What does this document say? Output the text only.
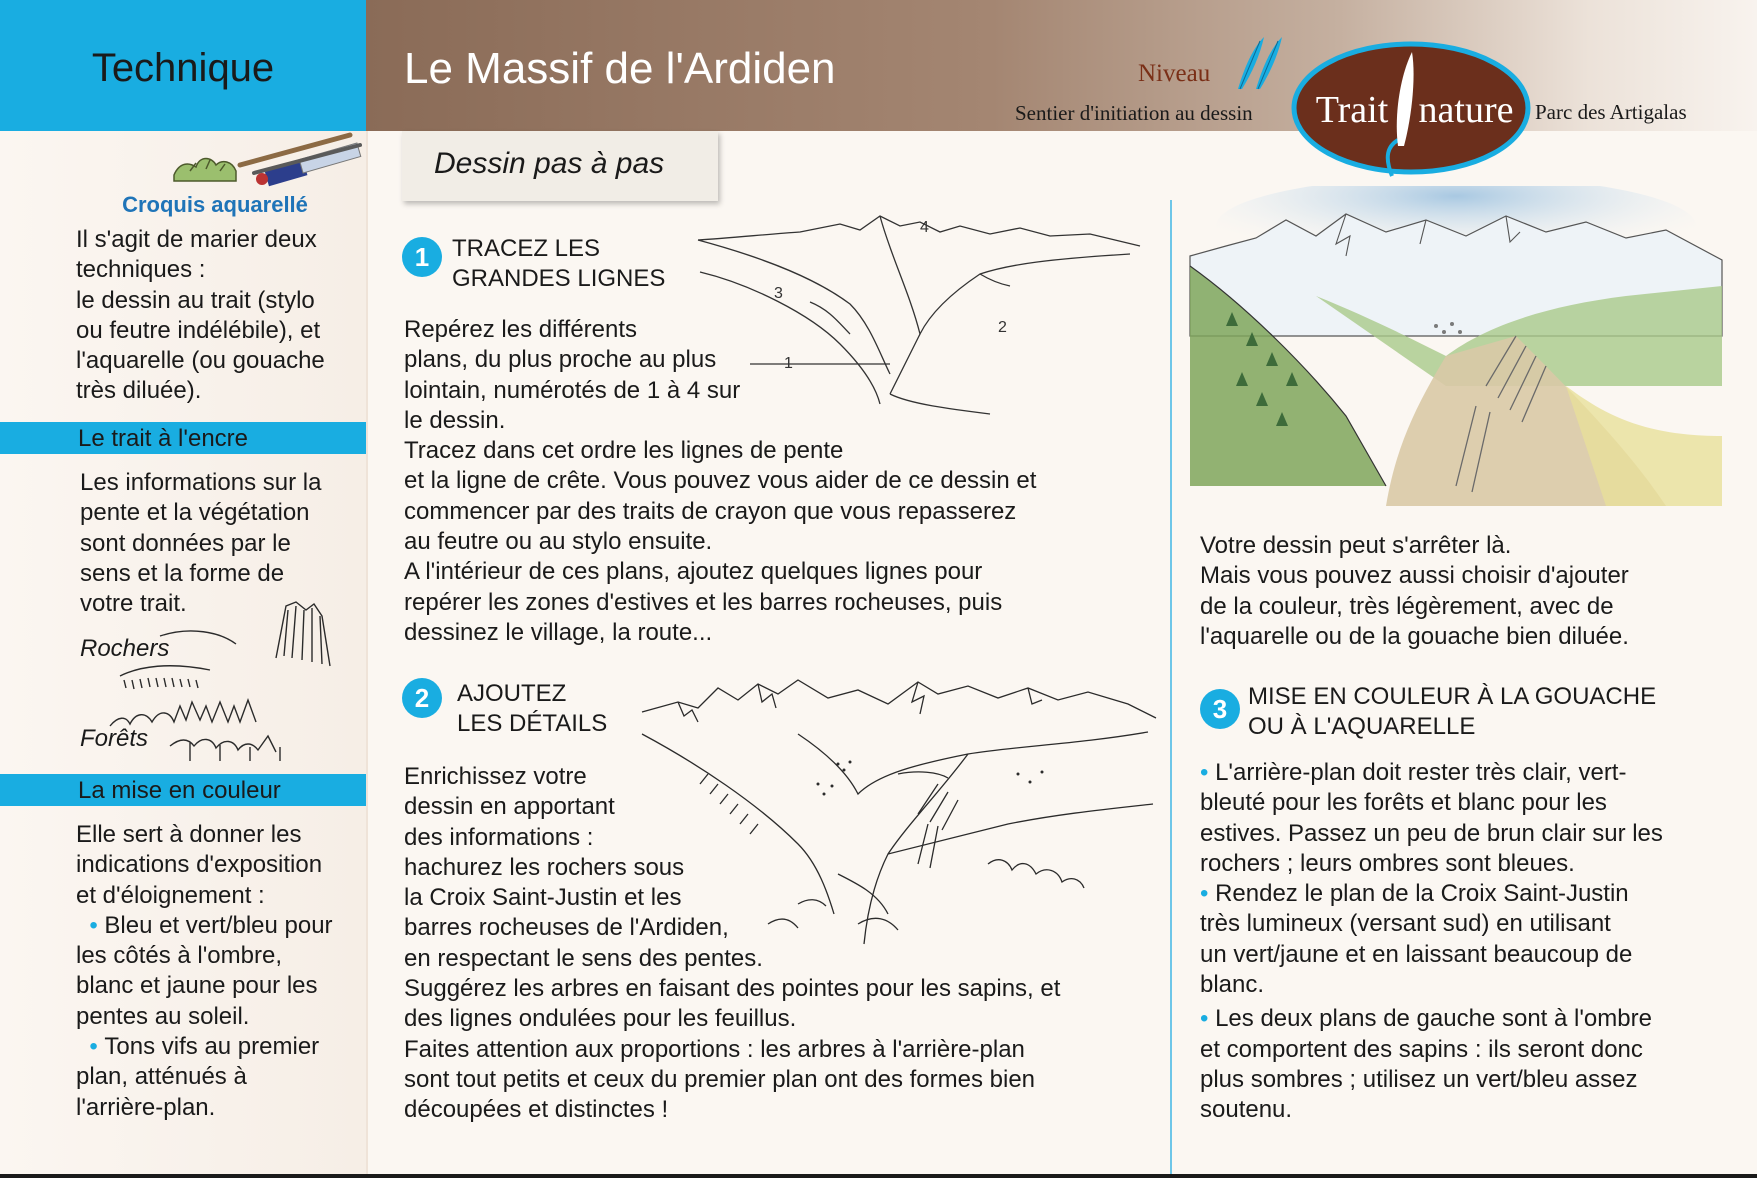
Technique	Le Massif de l'Ardiden	Niveau
Sentier d'initiation au dessin Trait nature Parc des Artigalas
Croquis aquarellé
Il s'agit de marier deux
techniques :
le dessin au trait (stylo
ou feutre indélébile), et
l'aquarelle (ou gouache
très diluée).
Le trait à l'encre
Les informations sur la
pente et la végétation
sont données par le
sens et la forme de
votre trait.
Rochers
Forêts
La mise en couleur
Elle sert à donner les
indications d'exposition
et d'éloignement :
• Bleu et vert/bleu pour
les côtés à l'ombre,
blanc et jaune pour les
pentes au soleil.
• Tons vifs au premier
plan, atténués à
l'arrière-plan.
Dessin pas à pas
1 TRACEZ LES
GRANDES LIGNES
4
3
2
1
Repérez les différents
plans, du plus proche au plus
lointain, numérotés de 1 à 4 sur
le dessin.
Tracez dans cet ordre les lignes de pente
et la ligne de crête. Vous pouvez vous aider de ce dessin et
commencer par des traits de crayon que vous repasserez
au feutre ou au stylo ensuite.
A l'intérieur de ces plans, ajoutez quelques lignes pour
repérer les zones d'estives et les barres rocheuses, puis
dessinez le village, la route...
2	AJOUTEZ
LES DÉTAILS
Enrichissez votre
dessin en apportant
des informations :
hachurez les rochers sous
la Croix Saint-Justin et les
barres rocheuses de l'Ardiden,
en respectant le sens des pentes.
Suggérez les arbres en faisant des pointes pour les sapins, et
des lignes ondulées pour les feuillus.
Faites attention aux proportions : les arbres à l'arrière-plan
sont tout petits et ceux du premier plan ont des formes bien
découpées et distinctes !
Votre dessin peut s'arrêter là.
Mais vous pouvez aussi choisir d'ajouter
de la couleur, très légèrement, avec de
l'aquarelle ou de la gouache bien diluée.
3 MISE EN COULEUR À LA GOUACHE
OU À L'AQUARELLE
• L'arrière-plan doit rester très clair, vert-
bleuté pour les forêts et blanc pour les
estives. Passez un peu de brun clair sur les
rochers ; leurs ombres sont bleues.
• Rendez le plan de la Croix Saint-Justin
très lumineux (versant sud) en utilisant
un vert/jaune et en laissant beaucoup de
blanc.
• Les deux plans de gauche sont à l'ombre
et comportent des sapins : ils seront donc
plus sombres ; utilisez un vert/bleu assez
soutenu.
